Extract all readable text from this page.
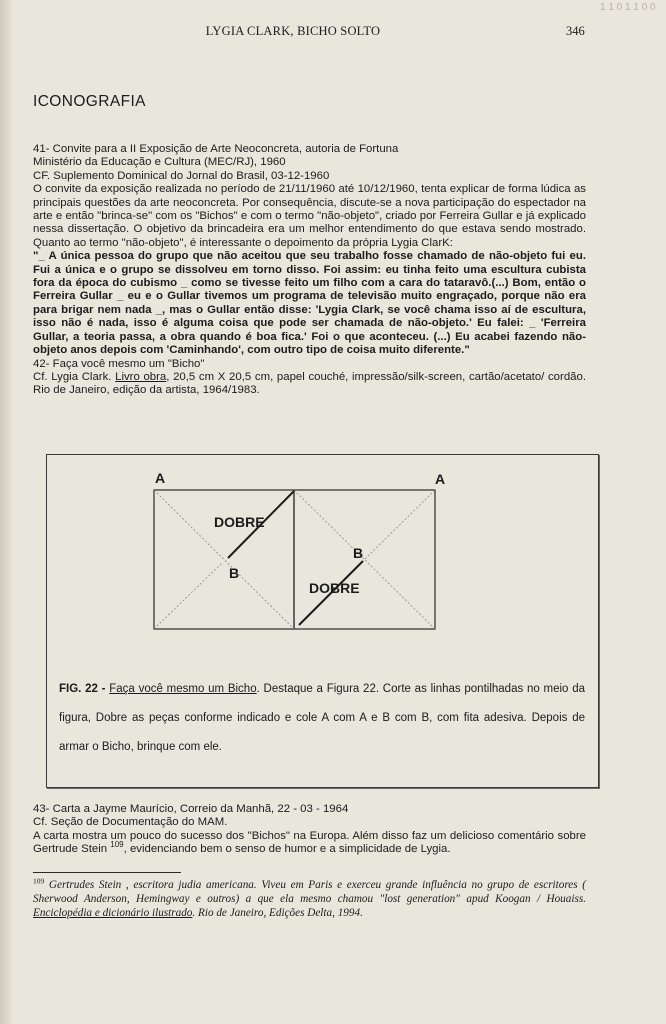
1 1 0 1 1 0 0
LYGIA CLARK, BICHO SOLTO	346
ICONOGRAFIA
41- Convite para a II Exposição de Arte Neoconcreta, autoria de Fortuna
Ministério da Educação e Cultura (MEC/RJ), 1960
CF. Suplemento Dominical do Jornal do Brasil, 03-12-1960
O convite da exposição realizada no período de 21/11/1960 até 10/12/1960, tenta explicar de forma lúdica as principais questões da arte neoconcreta. Por consequência, discute-se a nova participação do espectador na arte e então "brinca-se" com os "Bichos" e com o termo "não-objeto", criado por Ferreira Gullar e já explicado nessa dissertação. O objetivo da brincadeira era um melhor entendimento do que estava sendo mostrado. Quanto ao termo "não-objeto", é interessante o depoimento da própria Lygia ClarK:
"_ A única pessoa do grupo que não aceitou que seu trabalho fosse chamado de não-objeto fui eu. Fui a única e o grupo se dissolveu em torno disso. Foi assim: eu tinha feito uma escultura cubista fora da época do cubismo _ como se tivesse feito um filho com a cara do tataravô.(...) Bom, então o Ferreira Gullar _ eu e o Gullar tivemos um programa de televisão muito engraçado, porque não era para brigar nem nada _, mas o Gullar então disse: 'Lygia Clark, se você chama isso aí de escultura, isso não é nada, isso é alguma coisa que pode ser chamada de não-objeto.' Eu falei: _ 'Ferreira Gullar, a teoria passa, a obra quando é boa fica.' Foi o que aconteceu. (...) Eu acabei fazendo não-objeto anos depois com 'Caminhando', com outro tipo de coisa muito diferente."
42- Faça você mesmo um "Bicho"
Cf. Lygia Clark. Livro obra, 20,5 cm X 20,5 cm, papel couché, impressão/silk-screen, cartão/acetato/ cordão. Rio de Janeiro, edição da artista, 1964/1983.
A	A
DOBRE
B
B
DOBRE
FIG. 22 - Faça você mesmo um Bicho. Destaque a Figura 22. Corte as linhas pontilhadas no meio da figura, Dobre as peças conforme indicado e cole A com A e B com B, com fita adesiva. Depois de armar o Bicho, brinque com ele.
43- Carta a Jayme Maurício, Correio da Manhã, 22 - 03 - 1964
Cf. Seção de Documentação do MAM.
A carta mostra um pouco do sucesso dos "Bichos" na Europa. Além disso faz um delicioso comentário sobre Gertrude Stein $^{109}$, evidenciando bem o senso de humor e a simplicidade de Lygia.
$^{109}$ Gertrudes Stein , escritora judia americana. Viveu em Paris e exerceu grande influência no grupo de escritores ( Sherwood Anderson, Hemingway e outros) a que ela mesmo chamou "lost generation" apud Koogan / Houaiss. Enciclopédia e dicionário ilustrado. Rio de Janeiro, Edições Delta, 1994.
